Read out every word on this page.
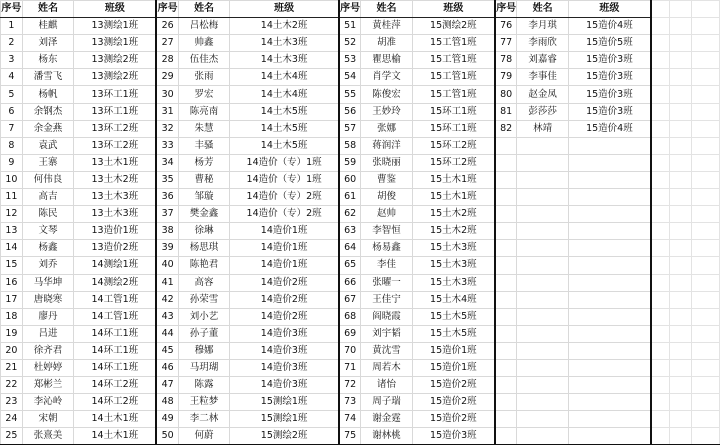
序号	姓名	班级	序号	姓名	班级	序号	姓名	班级	序号	姓名	班级			
1	桂麒	13测绘1班	26	吕松梅	14土木2班	51	黄桂萍	15测绘2班	76	李月琪	15造价4班			
2	刘泽	13测绘1班	27	帅鑫	14土木3班	52	胡准	15工管1班	77	李雨欣	15造价5班			
3	杨东	13测绘2班	28	伍佳杰	14土木3班	53	瞿思榆	15工管1班	78	刘嘉睿	15造价3班			
4	潘雪飞	13测绘2班	29	张雨	14土木4班	54	肖学文	15工管1班	79	李事佳	15造价3班			
5	杨帆	13环工1班	30	罗宏	14土木4班	55	陈俊宏	15工管1班	80	赵金凤	15造价3班			
6	余钢杰	13环工1班	31	陈亮南	14土木5班	56	王妙玲	15环工1班	81	彭莎莎	15造价3班			
7	余金燕	13环工2班	32	朱慧	14土木5班	57	张娜	15环工1班	82	林靖	15造价4班			
8	袁武	13环工2班	33	丰骚	14土木5班	58	蒋润洋	15环工2班						
9	王寨	13土木1班	34	杨芳	14造价（专）1班	59	张晓丽	15环工2班						
10	何伟良	13土木2班	35	曹秘	14造价（专）1班	60	曹鉴	15土木1班						
11	高吉	13土木3班	36	邹璇	14造价（专）2班	61	胡俊	15土木1班						
12	陈民	13土木3班	37	樊金鑫	14造价（专）2班	62	赵帅	15土木2班						
13	文琴	13造价1班	38	徐琳	14造价1班	63	李智恒	15土木2班						
14	杨鑫	13造价2班	39	杨思琪	14造价1班	64	杨易鑫	15土木3班						
15	刘乔	14测绘1班	40	陈艳君	14造价1班	65	李佳	15土木3班						
16	马华坤	14测绘2班	41	高容	14造价2班	66	张曜一	15土木3班						
17	唐晓寒	14工管1班	42	孙荣雪	14造价2班	67	王佳宁	15土木4班						
18	廖丹	14工管1班	43	刘小艺	14造价2班	68	阎晓霞	15土木5班						
19	吕进	14环工1班	44	孙子董	14造价3班	69	刘宇韬	15土木5班						
20	徐齐君	14环工1班	45	穆娜	14造价3班	70	黄沈雪	15造价1班						
21	杜婷婷	14环工1班	46	马玥瑚	14造价3班	71	周若木	15造价1班						
22	郑彬兰	14环工2班	47	陈露	14造价3班	72	诸怡	15造价2班						
23	李沁岭	14环工2班	48	王粒梦	15测绘1班	73	周子瑞	15造价2班						
24	宋朝	14土木1班	49	李二林	15测绘1班	74	谢金霆	15造价2班						
25	张熹美	14土木1班	50	何蔚	15测绘2班	75	谢林桃	15造价3班						
